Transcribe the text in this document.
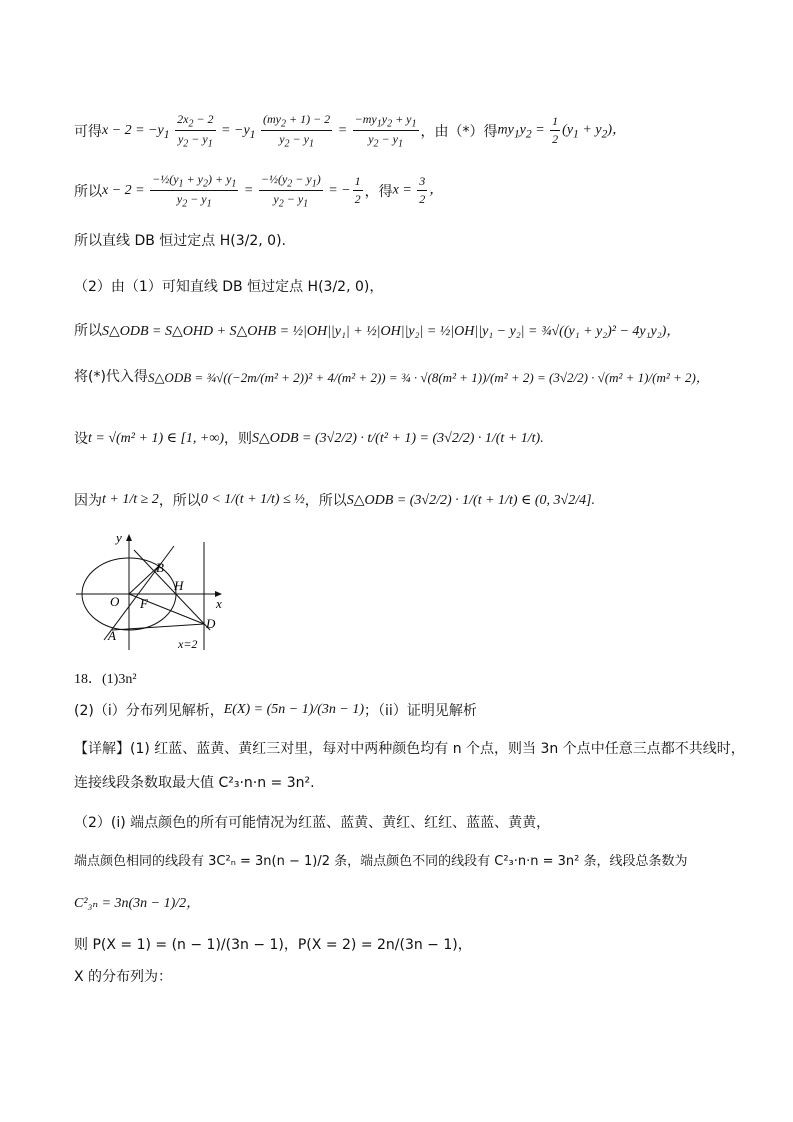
可得 $x - 2 = -y_1 \frac{2x_2 - 2}{y_2 - y_1} = -y_1 \frac{(my_2 + 1) - 2}{y_2 - y_1} = \frac{-my_1y_2 + y_1}{y_2 - y_1}$ ，由（*）得 $my_1y_2 = \frac{1}{2} (y_1 + y_2)$，
所以 $x - 2 = \frac{-\frac{1}{2}(y_1 + y_2) + y_1}{y_2 - y_1} = \frac{-\frac{1}{2}(y_2 - y_1)}{y_2 - y_1}$ = − $\frac{1}{2}$ ，得 $x = \frac{3}{2}$ ，
所以直线 DB 恒过定点 H(3/2, 0).
（2）由（1）可知直线 DB 恒过定点 H(3/2, 0)，
所以 S△ODB = S△OHD + S△OHB = ½|OH||y₁| + ½|OH||y₂| = ½|OH||y₁ − y₂| = ¾√((y₁ + y₂)² − 4y₁y₂)，
将(*)代入得 S△ODB = ¾√((−2m/(m² + 2))² + 4/(m² + 2)) = ¾ · √(8(m² + 1))/(m² + 2) = (3√2/2) · √(m² + 1)/(m² + 2)，
设 t = √(m² + 1) ∈ [1, +∞) ，则 S△ODB = (3√2/2) · t/(t² + 1) = (3√2/2) · 1/(t + 1/t).
因为 t + 1/t ≥ 2 ，所以 0 < 1/(t + 1/t) ≤ ½ ，所以 S△ODB = (3√2/2) · 1/(t + 1/t) ∈ (0, 3√2/4].
y
x
O F
B
H
A
D
x=2
18．(1)3n²
(2)（i）分布列见解析， E(X) = (5n − 1)/(3n − 1) ；（ii）证明见解析
【详解】(1) 红蓝、蓝黄、黄红三对里，每对中两种颜色均有 n 个点，则当 3n 个点中任意三点都不共线时，
连接线段条数取最大值 C²₃·n·n = 3n².
（2）(i) 端点颜色的所有可能情况为红蓝、蓝黄、黄红、红红、蓝蓝、黄黄，
端点颜色相同的线段有 3C²ₙ = 3n(n − 1)/2 条，端点颜色不同的线段有 C²₃·n·n = 3n² 条，线段总条数为
C²₃ₙ = 3n(3n − 1)/2，
则 P(X = 1) = (n − 1)/(3n − 1)，P(X = 2) = 2n/(3n − 1)，
X 的分布列为：
